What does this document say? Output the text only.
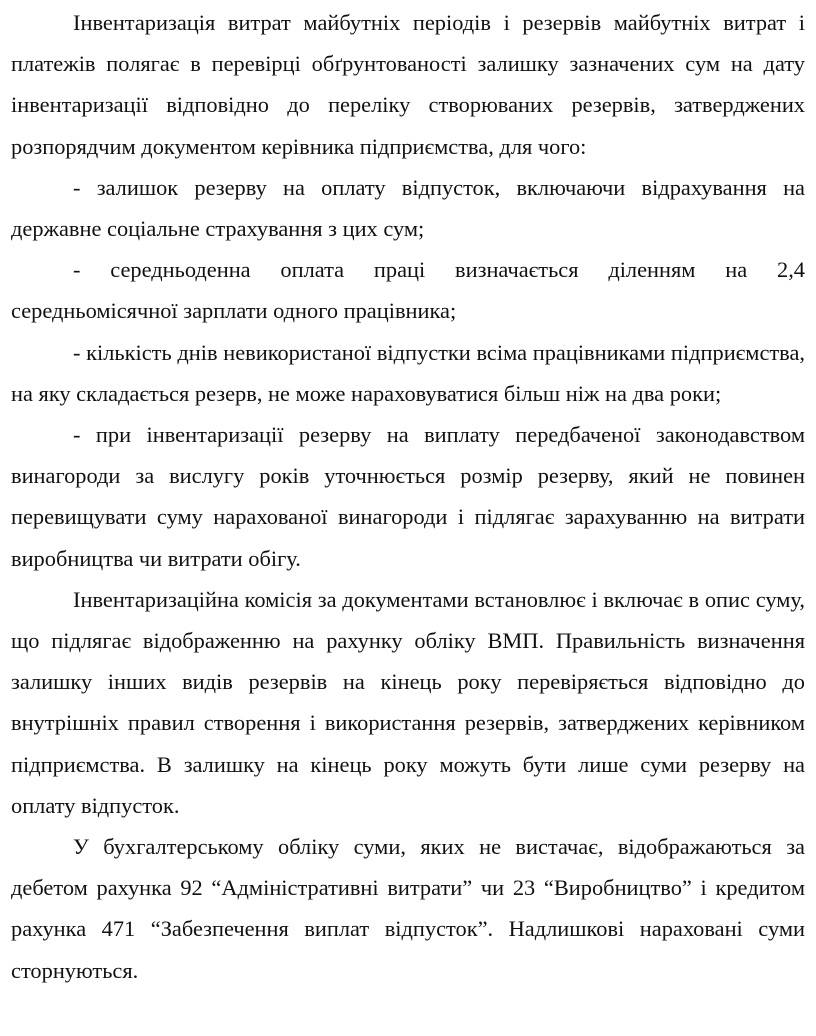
Інвентаризація витрат майбутніх періодів і резервів майбутніх витрат і платежів полягає в перевірці обґрунтованості залишку зазначених сум на дату інвентаризації відповідно до переліку створюваних резервів, затверджених розпорядчим документом керівника підприємства, для чого:

- залишок резерву на оплату відпусток, включаючи відрахування на державне соціальне страхування з цих сум;

- середньоденна оплата праці визначається діленням на 2,4 середньомісячної зарплати одного працівника;

- кількість днів невикористаної відпустки всіма працівниками підприємства, на яку складається резерв, не може нараховуватися більш ніж на два роки;

- при інвентаризації резерву на виплату передбаченої законодавством винагороди за вислугу років уточнюється розмір резерву, який не повинен перевищувати суму нарахованої винагороди і підлягає зарахуванню на витрати виробництва чи витрати обігу.

Інвентаризаційна комісія за документами встановлює і включає в опис суму, що підлягає відображенню на рахунку обліку ВМП. Правильність визначення залишку інших видів резервів на кінець року перевіряється відповідно до внутрішніх правил створення і використання резервів, затверджених керівником підприємства. В залишку на кінець року можуть бути лише суми резерву на оплату відпусток.

У бухгалтерському обліку суми, яких не вистачає, відображаються за дебетом рахунка 92 “Адміністративні витрати” чи 23 “Виробництво” і кредитом рахунка 471 “Забезпечення виплат відпусток”. Надлишкові нараховані суми сторнуються.
